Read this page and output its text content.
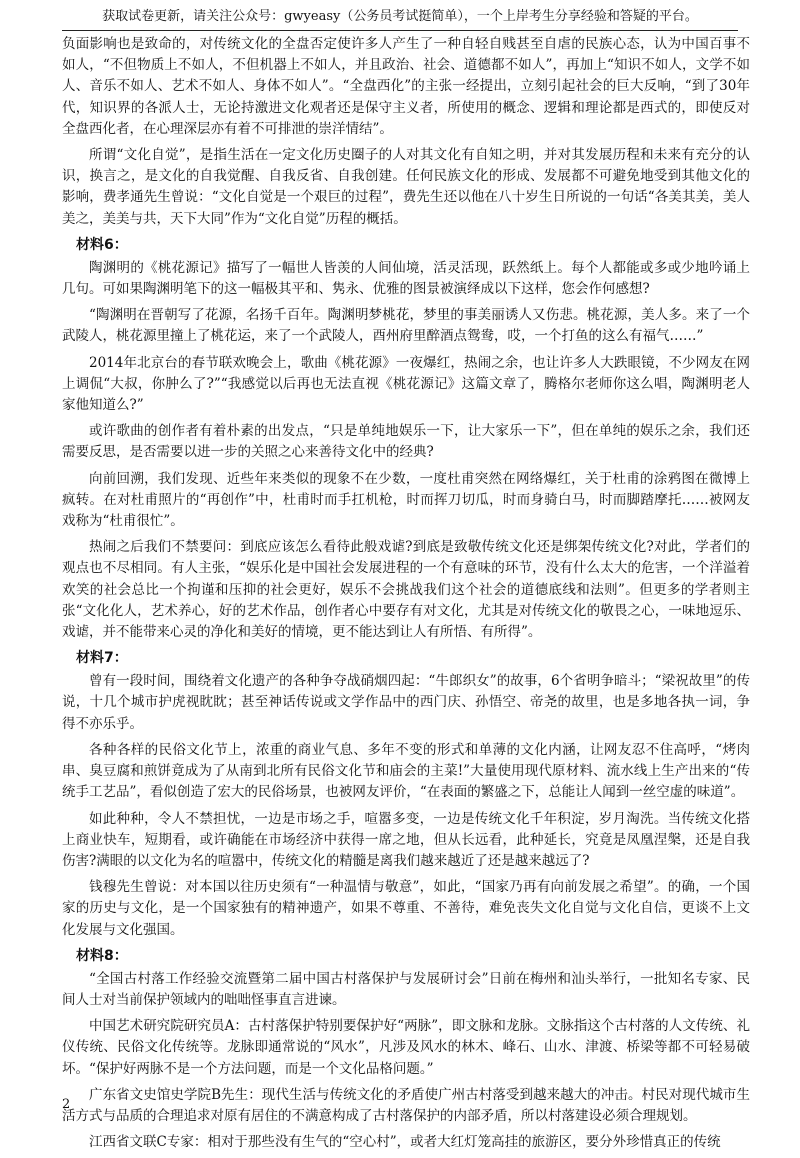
获取试卷更新，请关注公众号：gwyeasy（公务员考试挺简单），一个上岸考生分享经验和答疑的平台。

负面影响也是致命的，对传统文化的全盘否定使许多人产生了一种自轻自贱甚至自虐的民族心态，认为中国百事不如人，“不但物质上不如人，不但机器上不如人，并且政治、社会、道德都不如人”，再加上“知识不如人，文学不如人、音乐不如人、艺术不如人、身体不如人”。“全盘西化”的主张一经提出，立刻引起社会的巨大反响，“到了30年代，知识界的各派人士，无论持激进文化观者还是保守主义者，所使用的概念、逻辑和理论都是西式的，即使反对全盘西化者，在心理深层亦有着不可排泄的崇洋情结”。

所谓“文化自觉”，是指生活在一定文化历史圈子的人对其文化有自知之明，并对其发展历程和未来有充分的认识，换言之，是文化的自我觉醒、自我反省、自我创建。任何民族文化的形成、发展都不可避免地受到其他文化的影响，费孝通先生曾说：“文化自觉是一个艰巨的过程”，费先生还以他在八十岁生日所说的一句话“各美其美，美人美之，美美与共，天下大同”作为“文化自觉”历程的概括。

材料6：

陶渊明的《桃花源记》描写了一幅世人皆羡的人间仙境，活灵活现，跃然纸上。每个人都能或多或少地吟诵上几句。可如果陶渊明笔下的这一幅极其平和、隽永、优雅的图景被演绎成以下这样，您会作何感想?

“陶渊明在晋朝写了花源，名扬千百年。陶渊明梦桃花，梦里的事美丽诱人又伤悲。桃花源，美人多。来了一个武陵人，桃花源里撞上了桃花运，来了一个武陵人，酉州府里醉酒点鸳鸯，哎，一个打鱼的这么有福气……”

2014年北京台的春节联欢晚会上，歌曲《桃花源》一夜爆红，热闹之余，也让许多人大跌眼镜，不少网友在网上调侃“大叔，你肿么了?”“我感觉以后再也无法直视《桃花源记》这篇文章了，腾格尔老师你这么唱，陶渊明老人家他知道么?”

或许歌曲的创作者有着朴素的出发点，“只是单纯地娱乐一下，让大家乐一下”，但在单纯的娱乐之余，我们还需要反思，是否需要以进一步的关照之心来善待文化中的经典?

向前回溯，我们发现、近些年来类似的现象不在少数，一度杜甫突然在网络爆红，关于杜甫的涂鸦图在微博上疯转。在对杜甫照片的“再创作”中，杜甫时而手扛机枪，时而挥刀切瓜，时而身骑白马，时而脚踏摩托……被网友戏称为“杜甫很忙”。

热闹之后我们不禁要问：到底应该怎么看待此般戏谑?到底是致敬传统文化还是绑架传统文化?对此，学者们的观点也不尽相同。有人主张，“娱乐化是中国社会发展进程的一个有意味的环节，没有什么太大的危害，一个洋溢着欢笑的社会总比一个拘谨和压抑的社会更好，娱乐不会挑战我们这个社会的道德底线和法则”。但更多的学者则主张“文化化人，艺术养心，好的艺术作品，创作者心中要存有对文化，尤其是对传统文化的敬畏之心，一味地逗乐、戏谑，并不能带来心灵的净化和美好的情境，更不能达到让人有所悟、有所得”。

材料7：

曾有一段时间，围绕着文化遗产的各种争夺战硝烟四起：“牛郎织女”的故事，6个省明争暗斗；“梁祝故里”的传说，十几个城市护虎视眈眈；甚至神话传说或文学作品中的西门庆、孙悟空、帝尧的故里，也是多地各执一词，争得不亦乐乎。

各种各样的民俗文化节上，浓重的商业气息、多年不变的形式和单薄的文化内涵，让网友忍不住高呼，“烤肉串、臭豆腐和煎饼竟成为了从南到北所有民俗文化节和庙会的主菜!”大量使用现代原材料、流水线上生产出来的“传统手工艺品”，看似创造了宏大的民俗场景，也被网友评价，“在表面的繁盛之下，总能让人闻到一丝空虚的味道”。

如此种种，令人不禁担忧，一边是市场之手，喧嚣多变，一边是传统文化千年积淀，岁月淘洗。当传统文化搭上商业快车，短期看，或许确能在市场经济中获得一席之地，但从长远看，此种延长，究竟是凤凰涅槃，还是自我伤害?满眼的以文化为名的喧嚣中，传统文化的精髓是离我们越来越近了还是越来越远了?

钱穆先生曾说：对本国以往历史须有“一种温情与敬意”，如此，“国家乃再有向前发展之希望”。的确，一个国家的历史与文化，是一个国家独有的精神遗产，如果不尊重、不善待，难免丧失文化自觉与文化自信，更谈不上文化发展与文化强国。

材料8：

“全国古村落工作经验交流暨第二届中国古村落保护与发展研讨会”日前在梅州和汕头举行，一批知名专家、民间人士对当前保护领域内的咄咄怪事直言进谏。

中国艺术研究院研究员A：古村落保护特别要保护好“两脉”，即文脉和龙脉。文脉指这个古村落的人文传统、礼仪传统、民俗文化传统等。龙脉即通常说的“风水”，凡涉及风水的林木、峰石、山水、津渡、桥梁等都不可轻易破坏。“保护好两脉不是一个方法问题，而是一个文化品格问题。”

广东省文史馆史学院B先生：现代生活与传统文化的矛盾使广州古村落受到越来越大的冲击。村民对现代城市生活方式与品质的合理追求对原有居住的不满意构成了古村落保护的内部矛盾，所以村落建设必须合理规划。

江西省文联C专家：相对于那些没有生气的“空心村”，或者大红灯笼高挂的旅游区，要分外珍惜真正的传统

2
